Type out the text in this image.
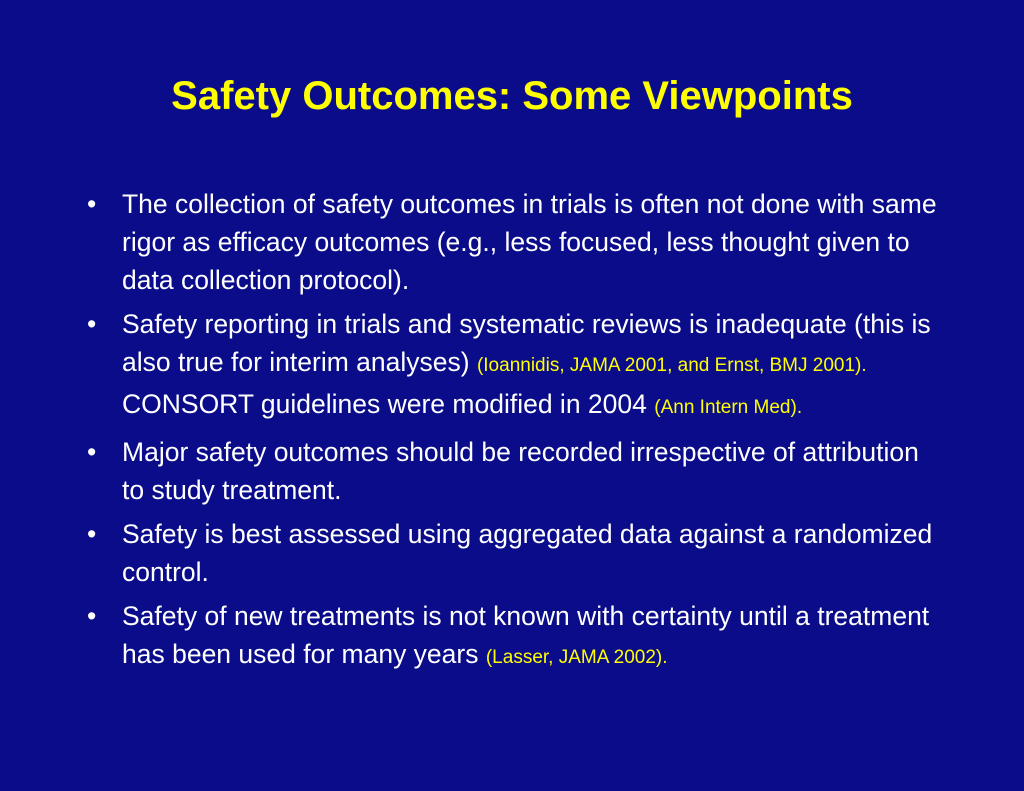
Safety Outcomes: Some Viewpoints
• The collection of safety outcomes in trials is often not done with same rigor as efficacy outcomes (e.g., less focused, less thought given to data collection protocol).
• Safety reporting in trials and systematic reviews is inadequate (this is also true for interim analyses) (Ioannidis, JAMA 2001, and Ernst, BMJ 2001).  CONSORT guidelines were modified in 2004 (Ann Intern Med).
• Major safety outcomes should be recorded irrespective of attribution to study treatment.
• Safety is best assessed using aggregated data against a randomized control.
• Safety of new treatments is not known with certainty until a treatment has been used for many years (Lasser, JAMA 2002).
